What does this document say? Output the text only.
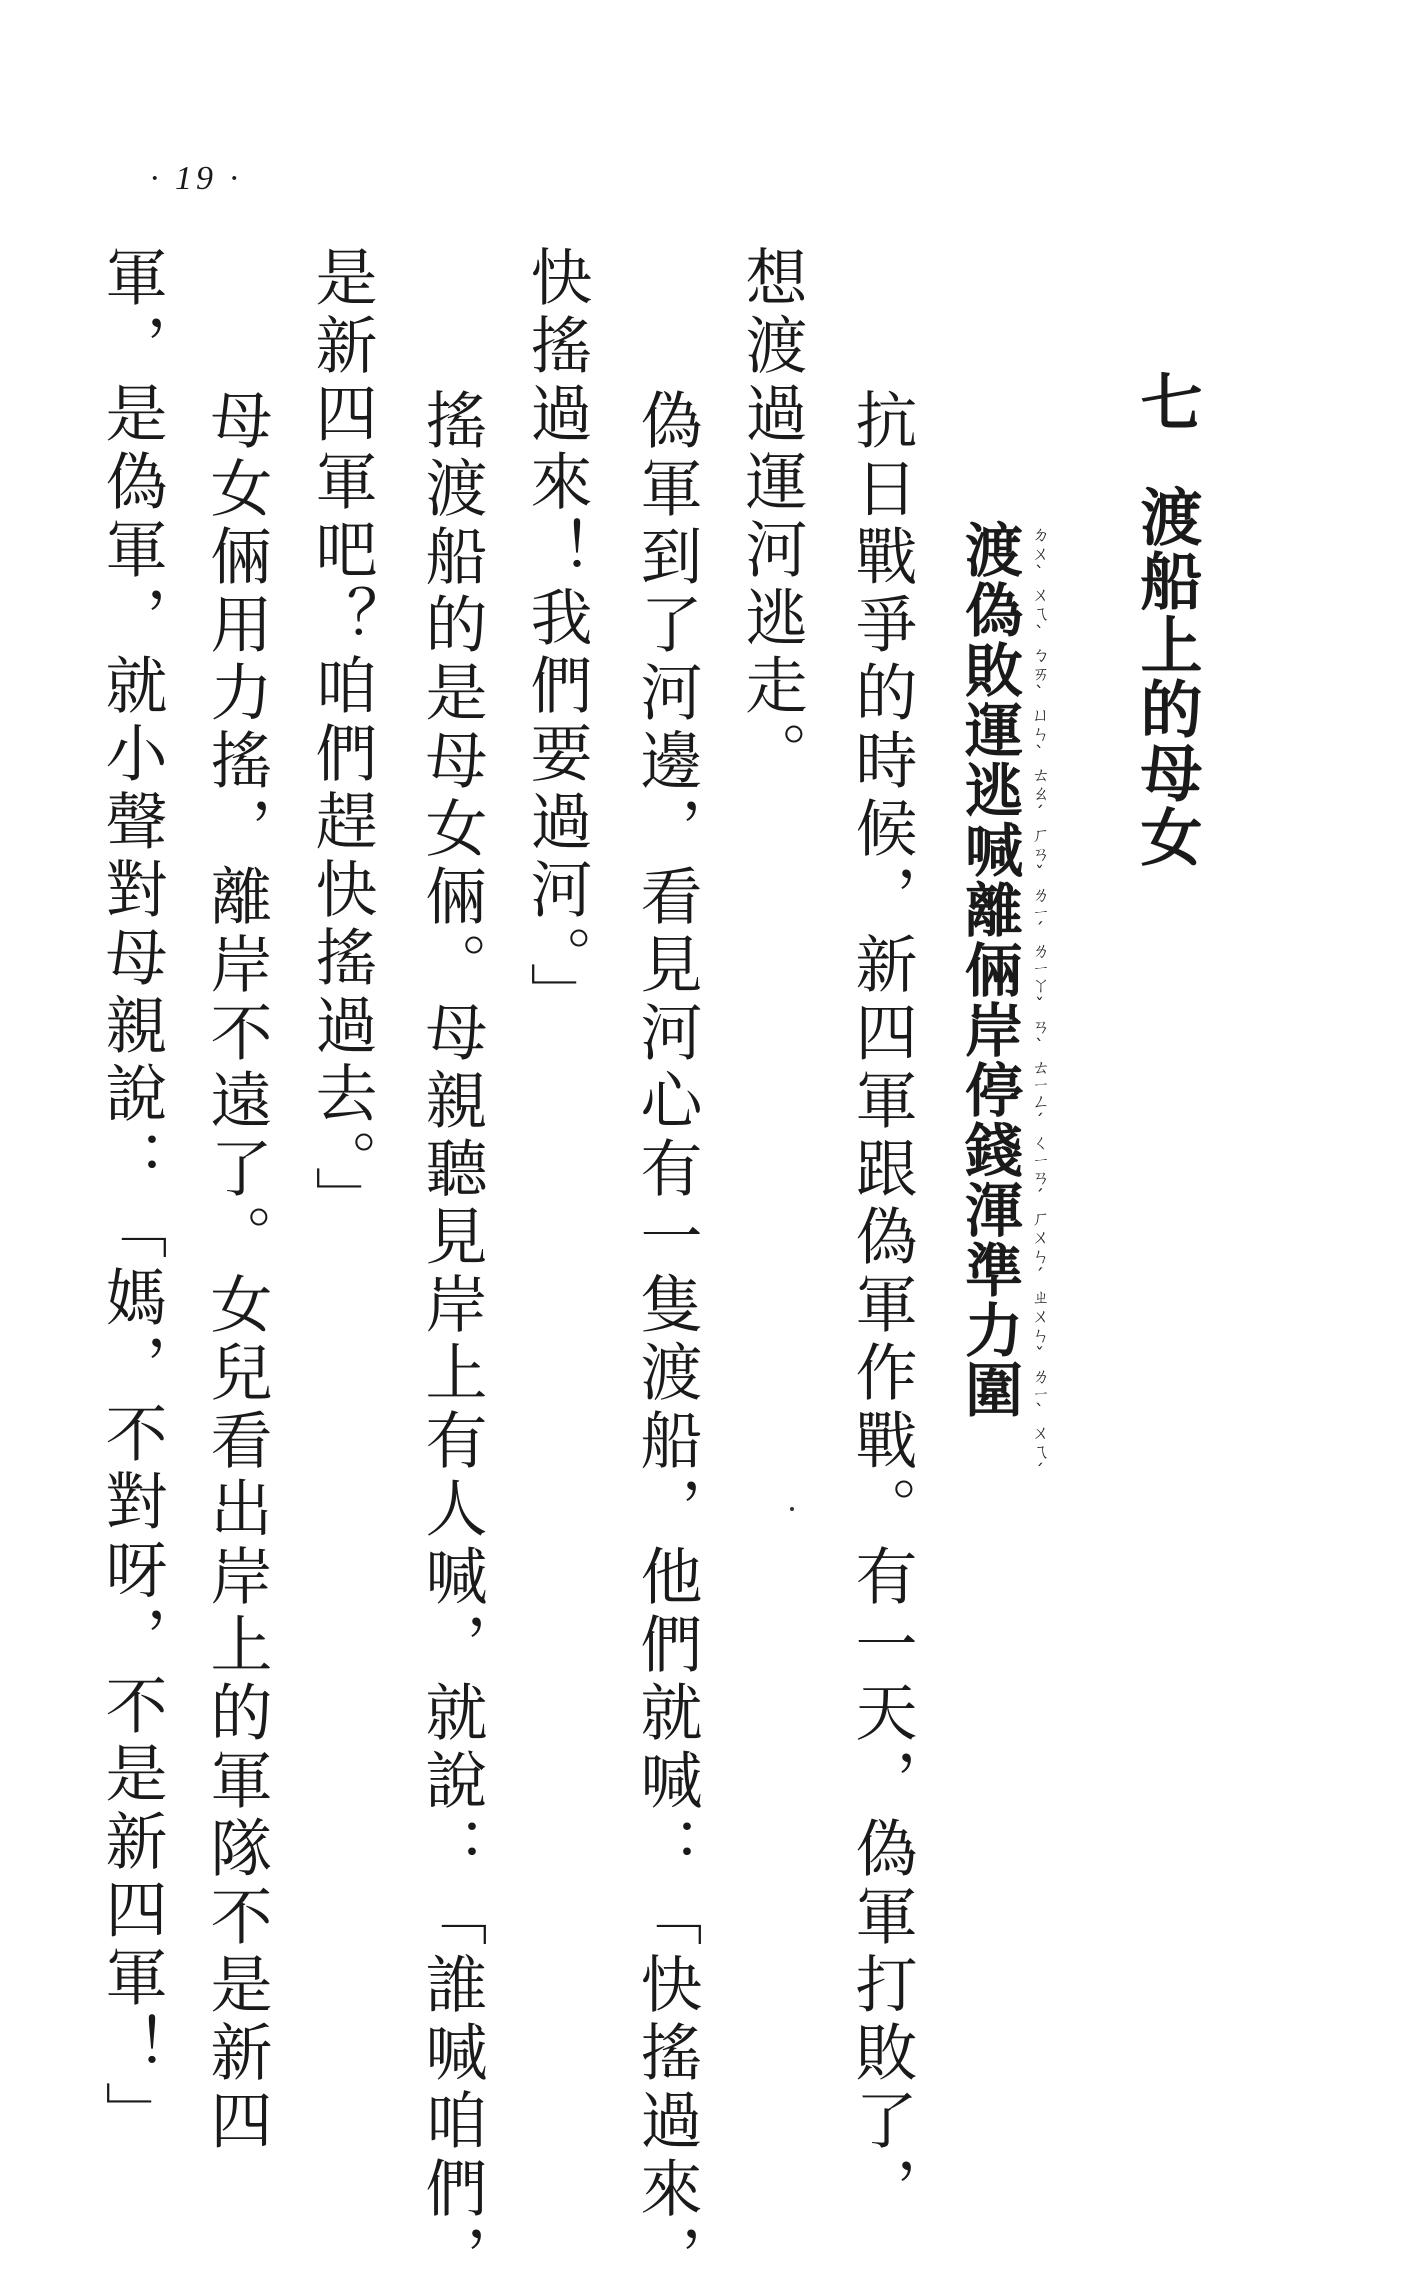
· 19 ·
七
渡船上的母女
渡偽敗運逃喊離倆岸停錢渾準力圍 ㄉㄨˋㄨㄟˋㄅㄞˋㄩㄣˋㄊㄠˊㄏㄢˇㄌㄧˊㄌㄧㄚˇㄢˋㄊㄧㄥˊㄑㄧㄢˊㄏㄨㄣˊㄓㄨㄣˇㄌㄧˋㄨㄟˊ
　抗日戰爭的時候，新四軍跟偽軍作戰。有一天，偽軍打敗了，
想渡過運河逃走。
　偽軍到了河邊，看見河心有一隻渡船，他們就喊：「快搖過來，
快搖過來！我們要過河。」
　搖渡船的是母女倆。母親聽見岸上有人喊，就說：「誰喊咱們，
是新四軍吧？咱們趕快搖過去。」
　母女倆用力搖，離岸不遠了。女兒看出岸上的軍隊不是新四
軍，是偽軍，就小聲對母親說：「媽，不對呀，不是新四軍！」
